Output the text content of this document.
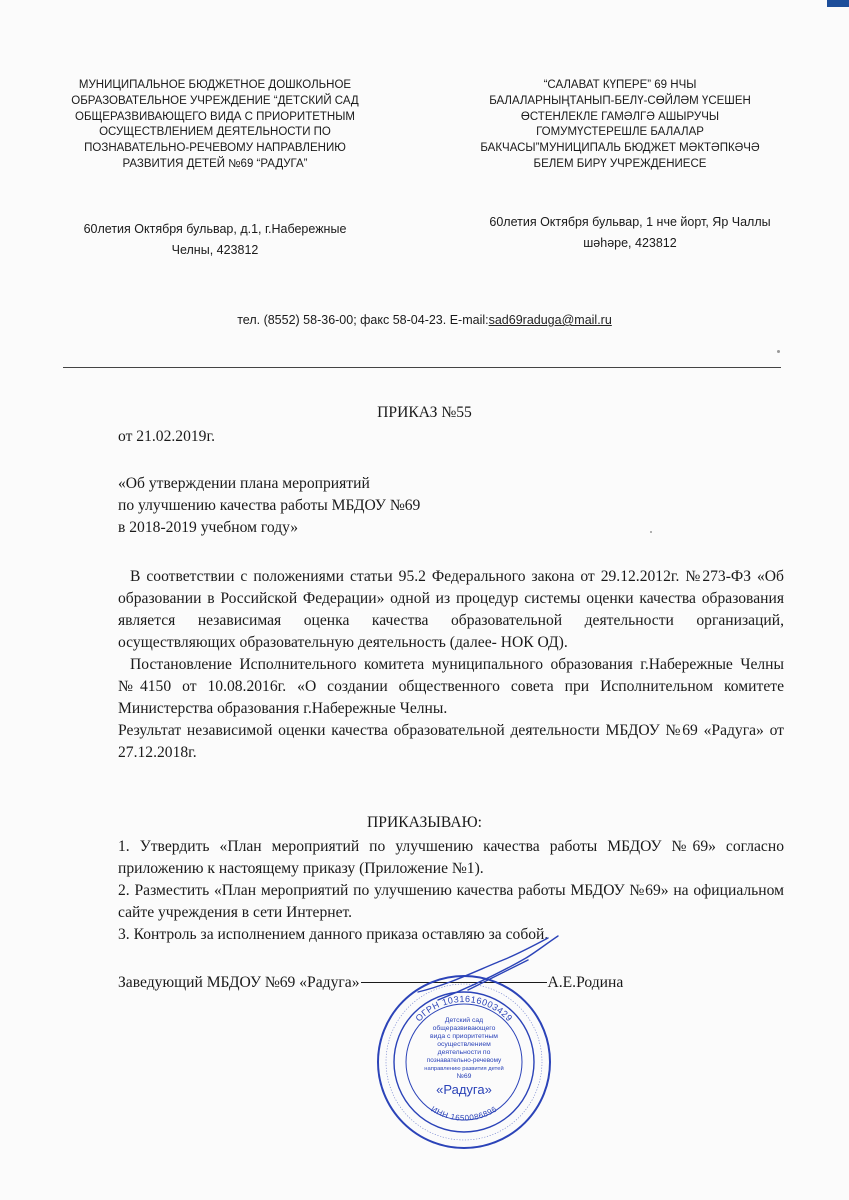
МУНИЦИПАЛЬНОЕ БЮДЖЕТНОЕ ДОШКОЛЬНОЕ
ОБРАЗОВАТЕЛЬНОЕ УЧРЕЖДЕНИЕ “ДЕТСКИЙ САД
ОБЩЕРАЗВИВАЮЩЕГО ВИДА С ПРИОРИТЕТНЫМ
ОСУЩЕСТВЛЕНИЕМ ДЕЯТЕЛЬНОСТИ ПО
ПОЗНАВАТЕЛЬНО-РЕЧЕВОМУ НАПРАВЛЕНИЮ
РАЗВИТИЯ ДЕТЕЙ №69 “РАДУГА”
“САЛАВАТ КҮПЕРЕ” 69 НЧЫ
БАЛАЛАРНЫҢТАНЫП-БЕЛҮ-СӨЙЛӘМ ҮСЕШЕН
ӨСТЕНЛЕКЛЕ ГАМӘЛГӘ АШЫРУЧЫ
ГОМУМҮСТЕРЕШЛЕ БАЛАЛАР
БАКЧАСЫ”МУНИЦИПАЛЬ БЮДЖЕТ МӘКТӘПКӘЧӘ
БЕЛЕМ БИРҮ УЧРЕЖДЕНИЕСЕ
60летия Октября бульвар, д.1, г.Набережные
Челны, 423812
60летия Октября бульвар, 1 нче йорт, Яр Чаллы
шәһәре, 423812
тел. (8552) 58-36-00; факс 58-04-23. E-mail:sad69raduga@mail.ru
ПРИКАЗ №55
от 21.02.2019г.
«Об утверждении плана мероприятий
по улучшению качества работы МБДОУ №69
в 2018-2019 учебном году»

В соответствии с положениями статьи 95.2 Федерального закона от 29.12.2012г. №273-ФЗ «Об образовании в Российской Федерации» одной из процедур системы оценки качества образования является независимая оценка качества образовательной деятельности организаций, осуществляющих образовательную деятельность (далее- НОК ОД).

Постановление Исполнительного комитета муниципального образования г.Набережные Челны №4150 от 10.08.2016г. «О создании общественного совета при Исполнительном комитете Министерства образования г.Набережные Челны.

Результат независимой оценки качества образовательной деятельности МБДОУ №69 «Радуга» от 27.12.2018г.

ПРИКАЗЫВАЮ:

1. Утвердить «План мероприятий по улучшению качества работы МБДОУ №69» согласно приложению к настоящему приказу (Приложение №1).

2. Разместить «План мероприятий по улучшению качества работы МБДОУ №69» на официальном сайте учреждения в сети Интернет.

3. Контроль за исполнением данного приказа оставляю за собой.

Заведующий МБДОУ №69 «Радуга»	А.Е.Родина
ОГРН 1031616003429
ИНН 1650086896
Детский сад
общеразвивающего
вида с приоритетным
осуществлением
деятельности по
познавательно-речевому
направлению развития детей
№69
«Радуга»
